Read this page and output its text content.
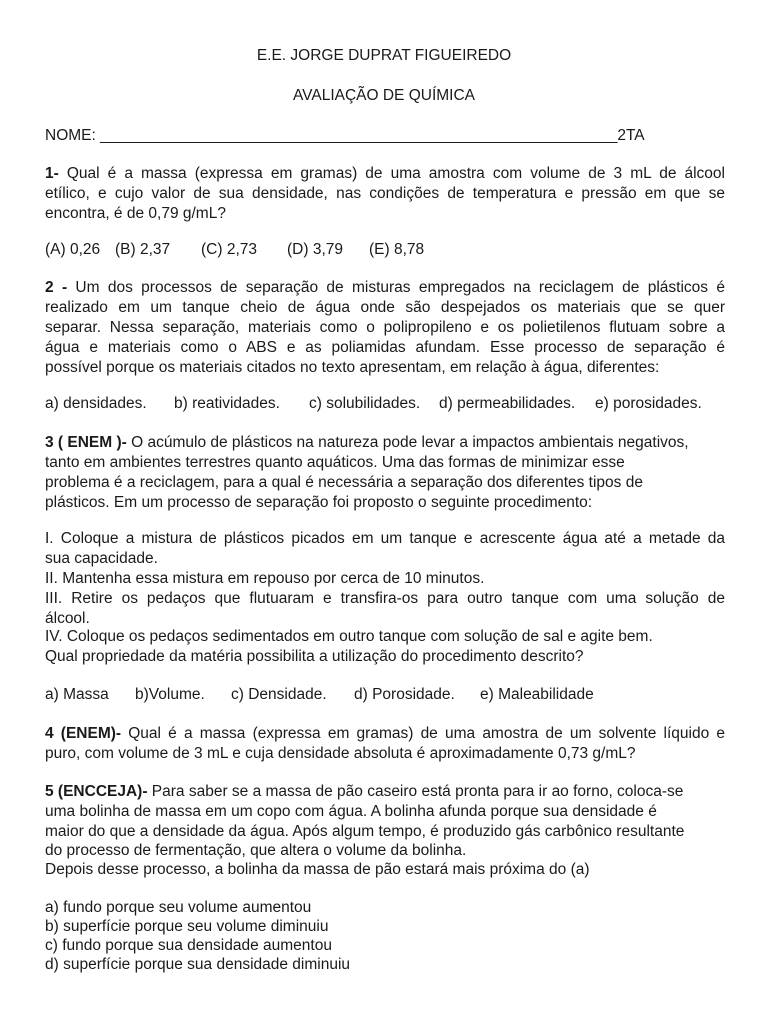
E.E. JORGE DUPRAT FIGUEIREDO
AVALIAÇÃO DE QUÍMICA
NOME: ____________________________________________________________2TA
1- Qual é a massa (expressa em gramas) de uma amostra com volume de 3 mL de álcool
etílico, e cujo valor de sua densidade, nas condições de temperatura e pressão em que se
encontra, é de 0,79 g/mL?
(A) 0,26 (B) 2,37 (C) 2,73 (D) 3,79 (E) 8,78
2 - Um dos processos de separação de misturas empregados na reciclagem de plásticos é
realizado em um tanque cheio de água onde são despejados os materiais que se quer
separar. Nessa separação, materiais como o polipropileno e os polietilenos flutuam sobre a
água e materiais como o ABS e as poliamidas afundam. Esse processo de separação é
possível porque os materiais citados no texto apresentam, em relação à água, diferentes:
a) densidades. b) reatividades. c) solubilidades. d) permeabilidades. e) porosidades.
3 ( ENEM )- O acúmulo de plásticos na natureza pode levar a impactos ambientais negativos,
tanto em ambientes terrestres quanto aquáticos. Uma das formas de minimizar esse
problema é a reciclagem, para a qual é necessária a separação dos diferentes tipos de
plásticos. Em um processo de separação foi proposto o seguinte procedimento:
I. Coloque a mistura de plásticos picados em um tanque e acrescente água até a metade da
sua capacidade.
II. Mantenha essa mistura em repouso por cerca de 10 minutos.
III. Retire os pedaços que flutuaram e transfira-os para outro tanque com uma solução de
álcool.
IV. Coloque os pedaços sedimentados em outro tanque com solução de sal e agite bem.
Qual propriedade da matéria possibilita a utilização do procedimento descrito?
a) Massa b)Volume. c) Densidade. d) Porosidade. e) Maleabilidade
4 (ENEM)- Qual é a massa (expressa em gramas) de uma amostra de um solvente líquido e
puro, com volume de 3 mL e cuja densidade absoluta é aproximadamente 0,73 g/mL?
5 (ENCCEJA)- Para saber se a massa de pão caseiro está pronta para ir ao forno, coloca-se
uma bolinha de massa em um copo com água. A bolinha afunda porque sua densidade é
maior do que a densidade da água. Após algum tempo, é produzido gás carbônico resultante
do processo de fermentação, que altera o volume da bolinha.
Depois desse processo, a bolinha da massa de pão estará mais próxima do (a)
a) fundo porque seu volume aumentou
b) superfície porque seu volume diminuiu
c) fundo porque sua densidade aumentou
d) superfície porque sua densidade diminuiu
